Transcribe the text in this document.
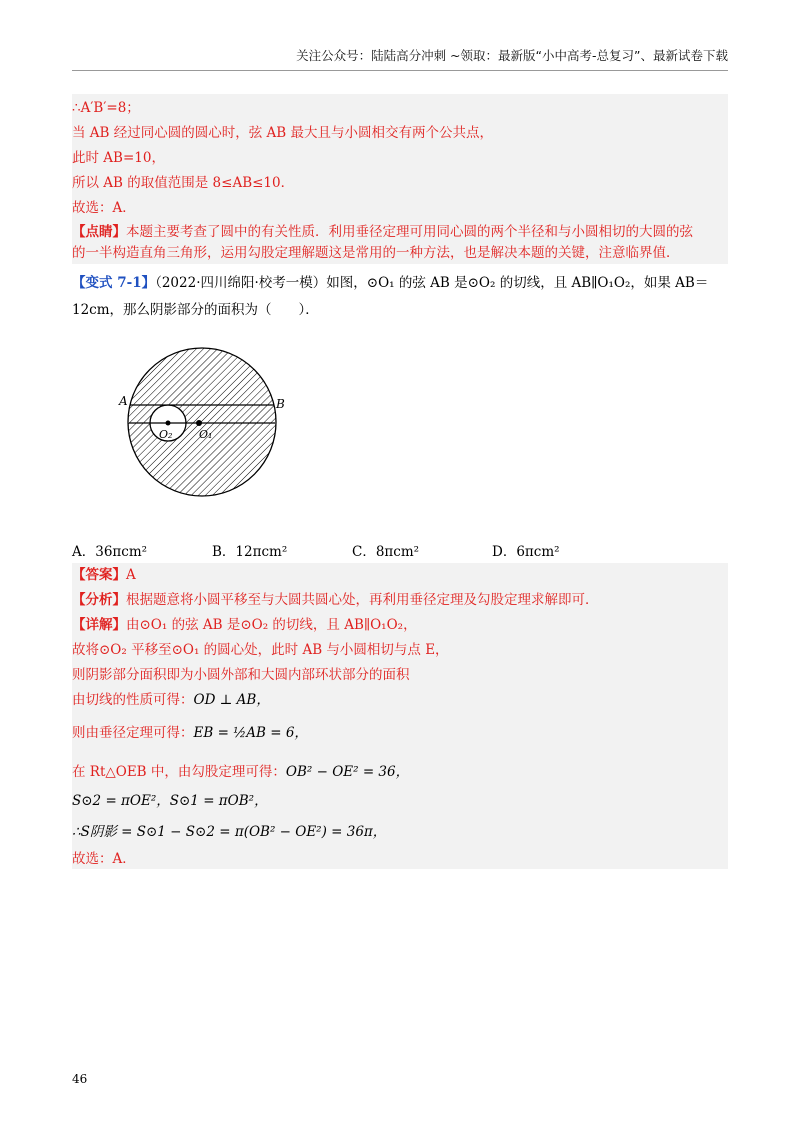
关注公众号：陆陆高分冲刺 ~领取：最新版“小中高考-总复习”、最新试卷下载
∴A′B′=8；
当 AB 经过同心圆的圆心时，弦 AB 最大且与小圆相交有两个公共点，
此时 AB=10，
所以 AB 的取值范围是 8≤AB≤10．
故选：A．
【点睛】本题主要考查了圆中的有关性质．利用垂径定理可用同心圆的两个半径和与小圆相切的大圆的弦
的一半构造直角三角形，运用勾股定理解题这是常用的一种方法，也是解决本题的关键，注意临界值．
【变式 7-1】（2022·四川绵阳·校考一模）如图，⊙O₁ 的弦 AB 是⊙O₂ 的切线，且 AB∥O₁O₂，如果 AB＝
12cm，那么阴影部分的面积为（　　）．
A	B
O₂ O₁
A．36πcm²	B．12πcm²	C．8πcm²	D．6πcm²
【答案】A
【分析】根据题意将小圆平移至与大圆共圆心处，再利用垂径定理及勾股定理求解即可．
【详解】由⊙O₁ 的弦 AB 是⊙O₂ 的切线，且 AB∥O₁O₂，
故将⊙O₂ 平移至⊙O₁ 的圆心处，此时 AB 与小圆相切与点 E，
则阴影部分面积即为小圆外部和大圆内部环状部分的面积
由切线的性质可得：OD ⊥ AB，
则由垂径定理可得：EB = ½AB = 6，
在 Rt△OEB 中，由勾股定理可得：OB² − OE² = 36，
S⊙2 = πOE²，S⊙1 = πOB²，
∴S阴影 = S⊙1 − S⊙2 = π(OB² − OE²) = 36π，
故选：A．
46
